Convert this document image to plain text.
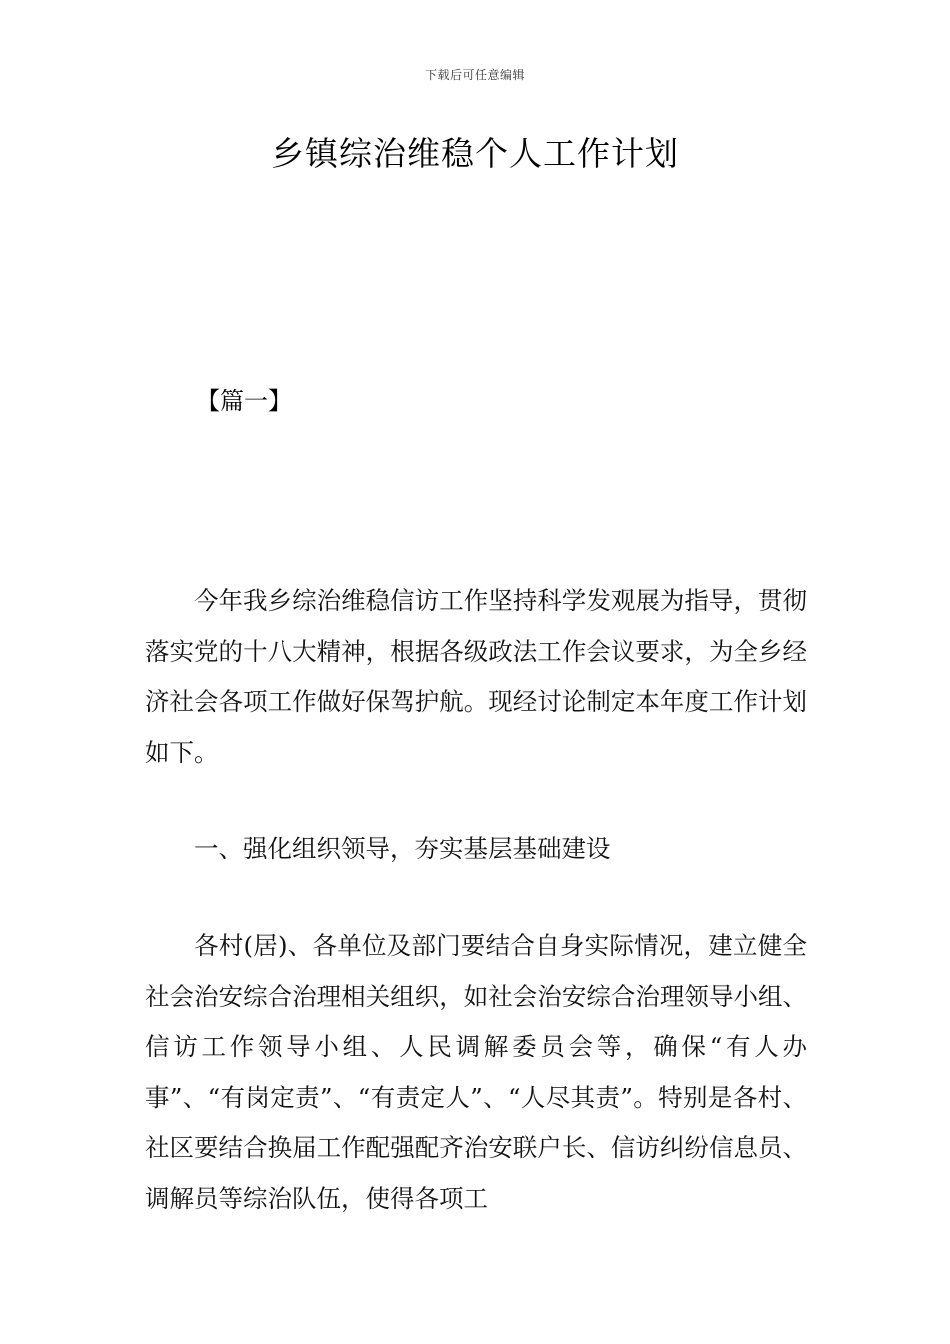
下载后可任意编辑
乡镇综治维稳个人工作计划
【篇一】

今年我乡综治维稳信访工作坚持科学发观展为指导，贯彻落实党的十八大精神，根据各级政法工作会议要求，为全乡经济社会各项工作做好保驾护航。现经讨论制定本年度工作计划如下。

一、强化组织领导，夯实基层基础建设

各村(居)、各单位及部门要结合自身实际情况，建立健全社会治安综合治理相关组织，如社会治安综合治理领导小组、信访工作领导小组、人民调解委员会等，确保“有人办事”、“有岗定责”、“有责定人”、“人尽其责”。特别是各村、社区要结合换届工作配强配齐治安联户长、信访纠纷信息员、调解员等综治队伍，使得各项工
